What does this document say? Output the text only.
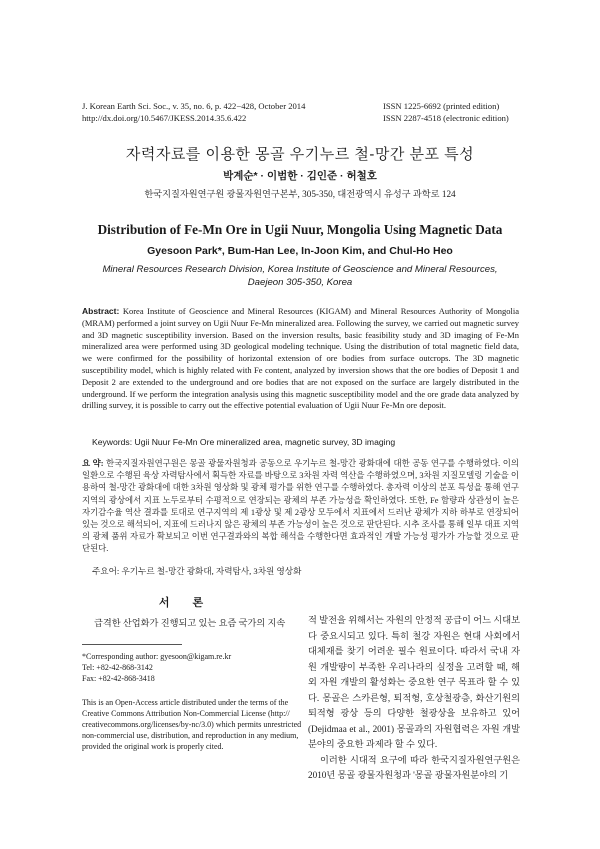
J. Korean Earth Sci. Soc., v. 35, no. 6, p. 422−428, October 2014
http://dx.doi.org/10.5467/JKESS.2014.35.6.422
ISSN 1225-6692 (printed edition)
ISSN 2287-4518 (electronic edition)
자력자료를 이용한 몽골 우기누르 철-망간 분포 특성
박계순* · 이범한 · 김인준 · 허철호
한국지질자원연구원 광물자원연구본부, 305-350, 대전광역시 유성구 과학로 124
Distribution of Fe-Mn Ore in Ugii Nuur, Mongolia Using Magnetic Data
Gyesoon Park*, Bum-Han Lee, In-Joon Kim, and Chul-Ho Heo
Mineral Resources Research Division, Korea Institute of Geoscience and Mineral Resources,
Daejeon 305-350, Korea
Abstract: Korea Institute of Geoscience and Mineral Resources (KIGAM) and Mineral Resources Authority of Mongolia (MRAM) performed a joint survey on Ugii Nuur Fe-Mn mineralized area. Following the survey, we carried out magnetic survey and 3D magnetic susceptibility inversion. Based on the inversion results, basic feasibility study and 3D imaging of Fe-Mn mineralized area were performed using 3D geological modeling technique. Using the distribution of total magnetic field data, we were confirmed for the possibility of horizontal extension of ore bodies from surface outcrops. The 3D magnetic susceptibility model, which is highly related with Fe content, analyzed by inversion shows that the ore bodies of Deposit 1 and Deposit 2 are extended to the underground and ore bodies that are not exposed on the surface are largely distributed in the underground. If we perform the integration analysis using this magnetic susceptibility model and the ore grade data analyzed by drilling survey, it is possible to carry out the effective potential evaluation of Ugii Nuur Fe-Mn ore deposit.
Keywords: Ugii Nuur Fe-Mn Ore mineralized area, magnetic survey, 3D imaging
요 약: 한국지질자원연구원은 몽골 광물자원청과 공동으로 우기누르 철-망간 광화대에 대한 공동 연구를 수행하였다. 이의 일환으로 수행된 육상 자력탐사에서 획득한 자료를 바탕으로 3차원 자력 역산을 수행하였으며, 3차원 지질모델링 기술을 이용하여 철-망간 광화대에 대한 3차원 영상화 및 광체 평가를 위한 연구를 수행하였다. 총자력 이상의 분포 특성을 통해 연구지역의 광상에서 지표 노두로부터 수평적으로 연장되는 광체의 부존 가능성을 확인하였다. 또한, Fe 함량과 상관성이 높은 자기감수율 역산 결과를 토대로 연구지역의 제 1광상 및 제 2광상 모두에서 지표에서 드러난 광체가 지하 하부로 연장되어 있는 것으로 해석되어, 지표에 드러나지 않은 광체의 부존 가능성이 높은 것으로 판단된다. 시추 조사를 통해 일부 대표 지역의 광체 품위 자료가 확보되고 이번 연구결과와의 복합 해석을 수행한다면 효과적인 개발 가능성 평가가 가능할 것으로 판단된다.
주요어: 우기누르 철-망간 광화대, 자력탐사, 3차원 영상화
서 론
급격한 산업화가 진행되고 있는 요즘 국가의 지속
*Corresponding author: gyesoon@kigam.re.kr
Tel: +82-42-868-3142
Fax: +82-42-868-3418
This is an Open-Access article distributed under the terms of the
Creative Commons Attribution Non-Commercial License (http://
creativecommons.org/licenses/by-nc/3.0) which permits unrestricted
non-commercial use, distribution, and reproduction in any medium,
provided the original work is properly cited.

적 발전을 위해서는 자원의 안정적 공급이 어느 시대보다 중요시되고 있다. 특히 철강 자원은 현대 사회에서 대체재를 찾기 어려운 필수 원료이다. 따라서 국내 자원 개발량이 부족한 우리나라의 실정을 고려할 때, 해외 자원 개발의 활성화는 중요한 연구 목표라 할 수 있다. 몽골은 스카른형, 퇴적형, 호상철광층, 화산기원의 퇴적형 광상 등의 다양한 철광상을 보유하고 있어(Dejidmaa et al., 2001) 몽골과의 자원협력은 자원 개발 분야의 중요한 과제라 할 수 있다.

이러한 시대적 요구에 따라 한국지질자원연구원은 2010년 몽골 광물자원청과 '몽골 광물자원분야의 기
